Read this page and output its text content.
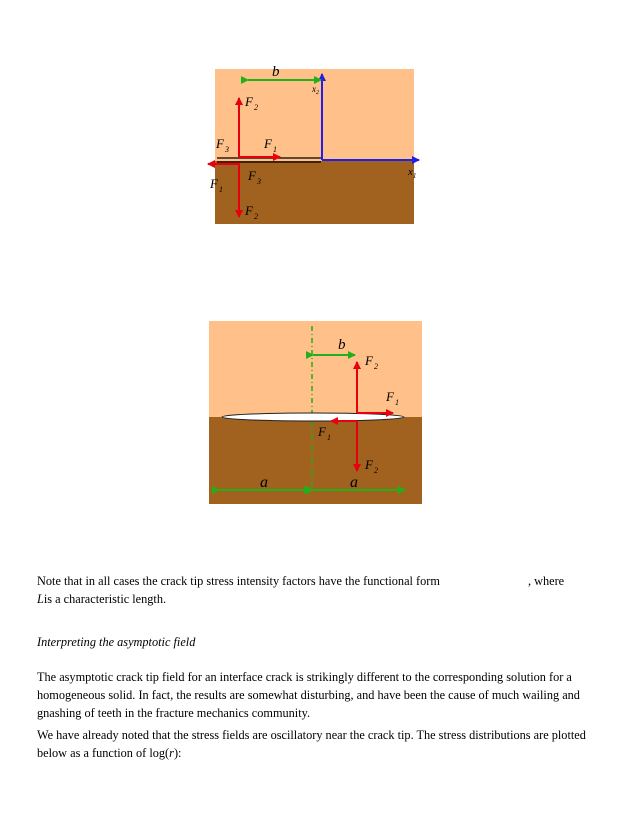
b
$x_2$
$x_1$
$F_2$
$F_3$	$F_1$
$F_1$
$F_3$
$F_2$
b
$F_2$
$F_1$
$F_1$
$F_2$
a	a

Note that in all cases the crack tip stress intensity factors have the functional form	, where
Lis a characteristic length.

Interpreting the asymptotic field

The asymptotic crack tip field for an interface crack is strikingly different to the corresponding solution for a homogeneous solid. In fact, the results are somewhat disturbing, and have been the cause of much wailing and gnashing of teeth in the fracture mechanics community.

We have already noted that the stress fields are oscillatory near the crack tip. The stress distributions are plotted below as a function of log(r):
